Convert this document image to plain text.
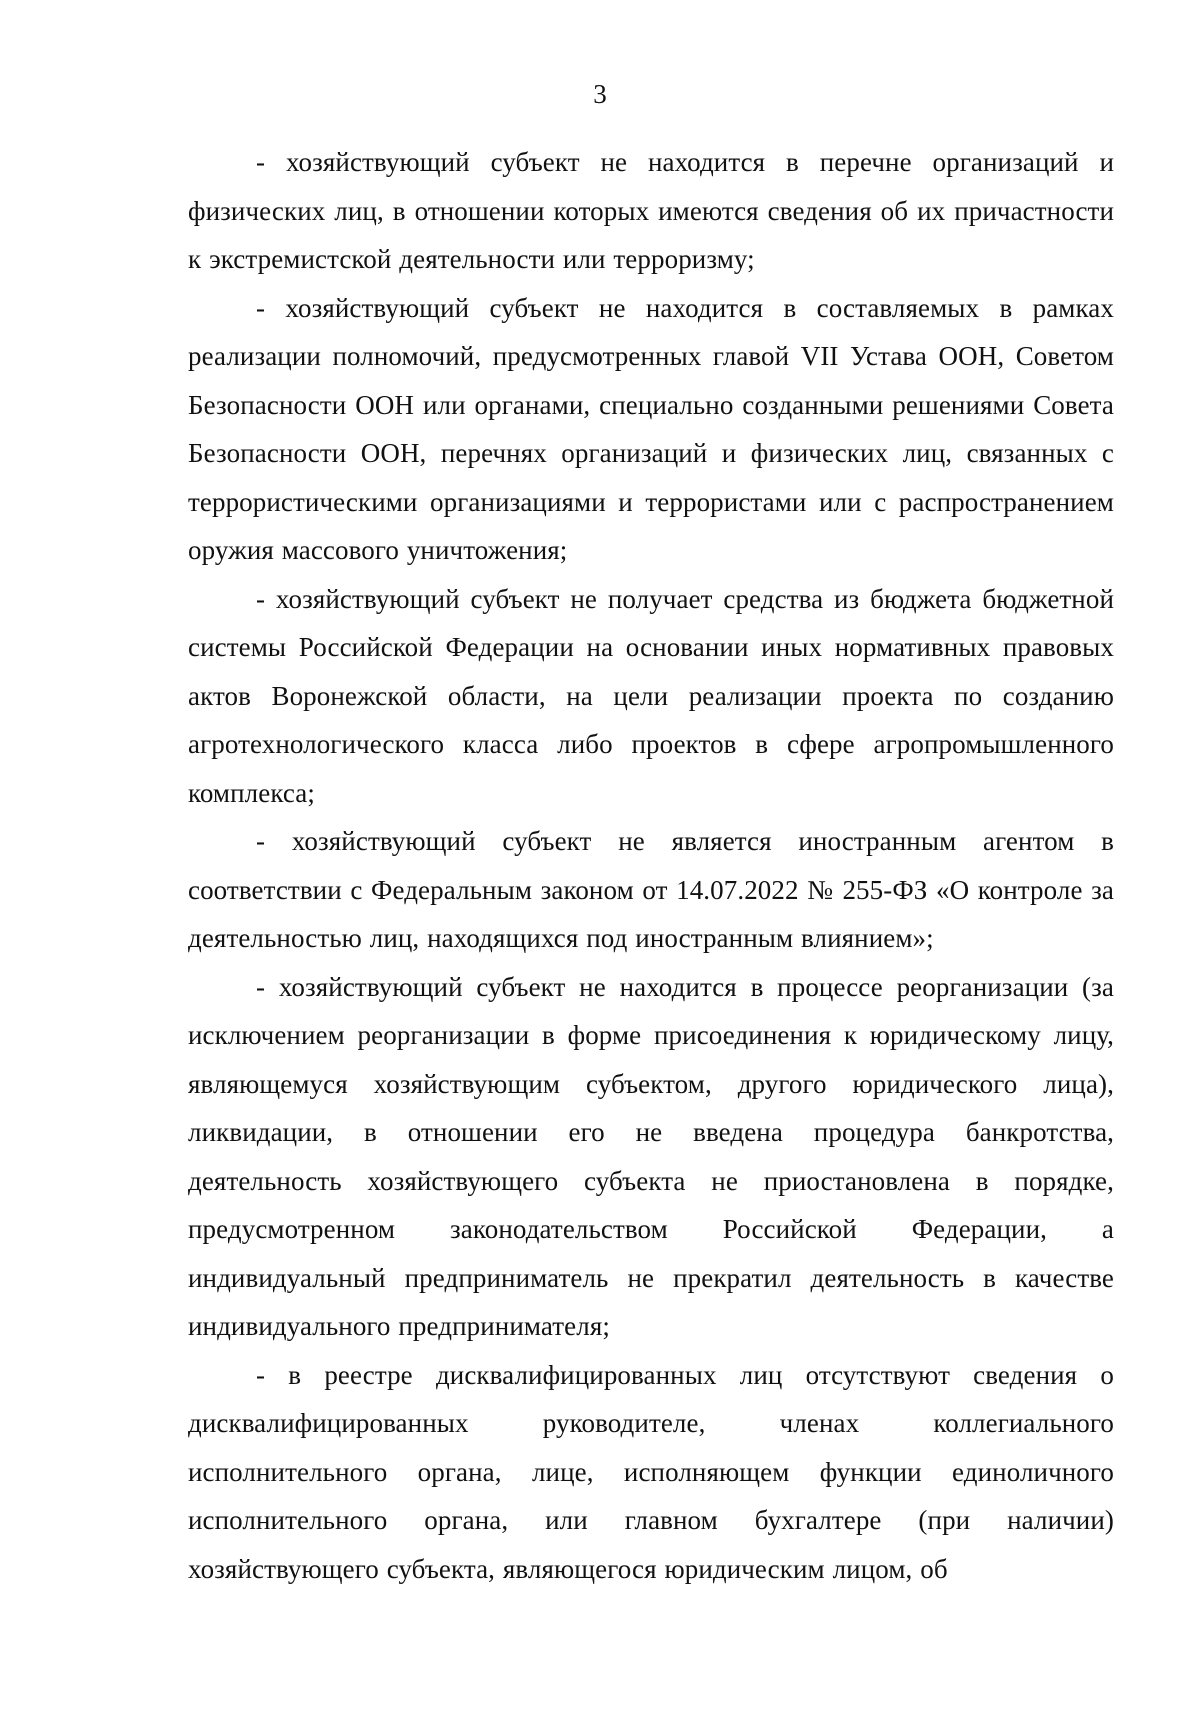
3

- хозяйствующий субъект не находится в перечне организаций и физических лиц, в отношении которых имеются сведения об их причастности к экстремистской деятельности или терроризму;

- хозяйствующий субъект не находится в составляемых в рамках реализации полномочий, предусмотренных главой VII Устава ООН, Советом Безопасности ООН или органами, специально созданными решениями Совета Безопасности ООН, перечнях организаций и физических лиц, связанных с террористическими организациями и террористами или с распространением оружия массового уничтожения;

- хозяйствующий субъект не получает средства из бюджета бюджетной системы Российской Федерации на основании иных нормативных правовых актов Воронежской области, на цели реализации проекта по созданию агротехнологического класса либо проектов в сфере агропромышленного комплекса;

- хозяйствующий субъект не является иностранным агентом в соответствии с Федеральным законом от 14.07.2022 № 255-ФЗ «О контроле за деятельностью лиц, находящихся под иностранным влиянием»;

- хозяйствующий субъект не находится в процессе реорганизации (за исключением реорганизации в форме присоединения к юридическому лицу, являющемуся хозяйствующим субъектом, другого юридического лица), ликвидации, в отношении его не введена процедура банкротства, деятельность хозяйствующего субъекта не приостановлена в порядке, предусмотренном законодательством Российской Федерации, а индивидуальный предприниматель не прекратил деятельность в качестве индивидуального предпринимателя;

- в реестре дисквалифицированных лиц отсутствуют сведения о дисквалифицированных руководителе, членах коллегиального исполнительного органа, лице, исполняющем функции единоличного исполнительного органа, или главном бухгалтере (при наличии) хозяйствующего субъекта, являющегося юридическим лицом, об
